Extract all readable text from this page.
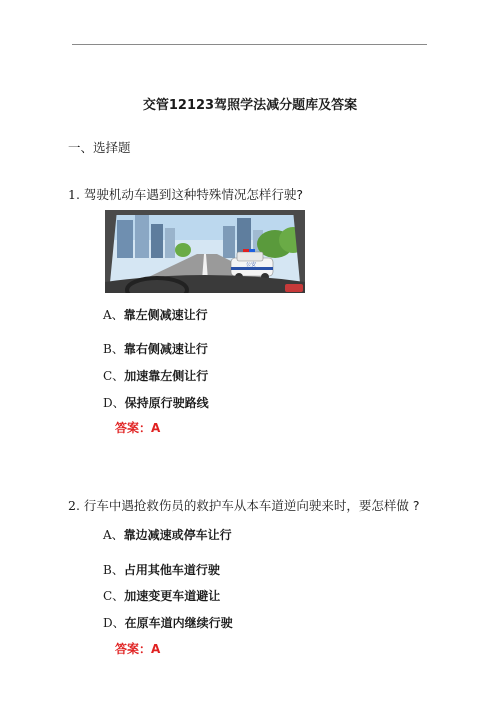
交管12123驾照学法减分题库及答案
一、选择题
1. 驾驶机动车遇到这种特殊情况怎样行驶?
公安
A、靠左侧减速让行
B、靠右侧减速让行
C、加速靠左侧让行
D、保持原行驶路线
答案：A
2. 行车中遇抢救伤员的救护车从本车道逆向驶来时，要怎样做 ?
A、靠边减速或停车让行
B、占用其他车道行驶
C、加速变更车道避让
D、在原车道内继续行驶
答案：A
